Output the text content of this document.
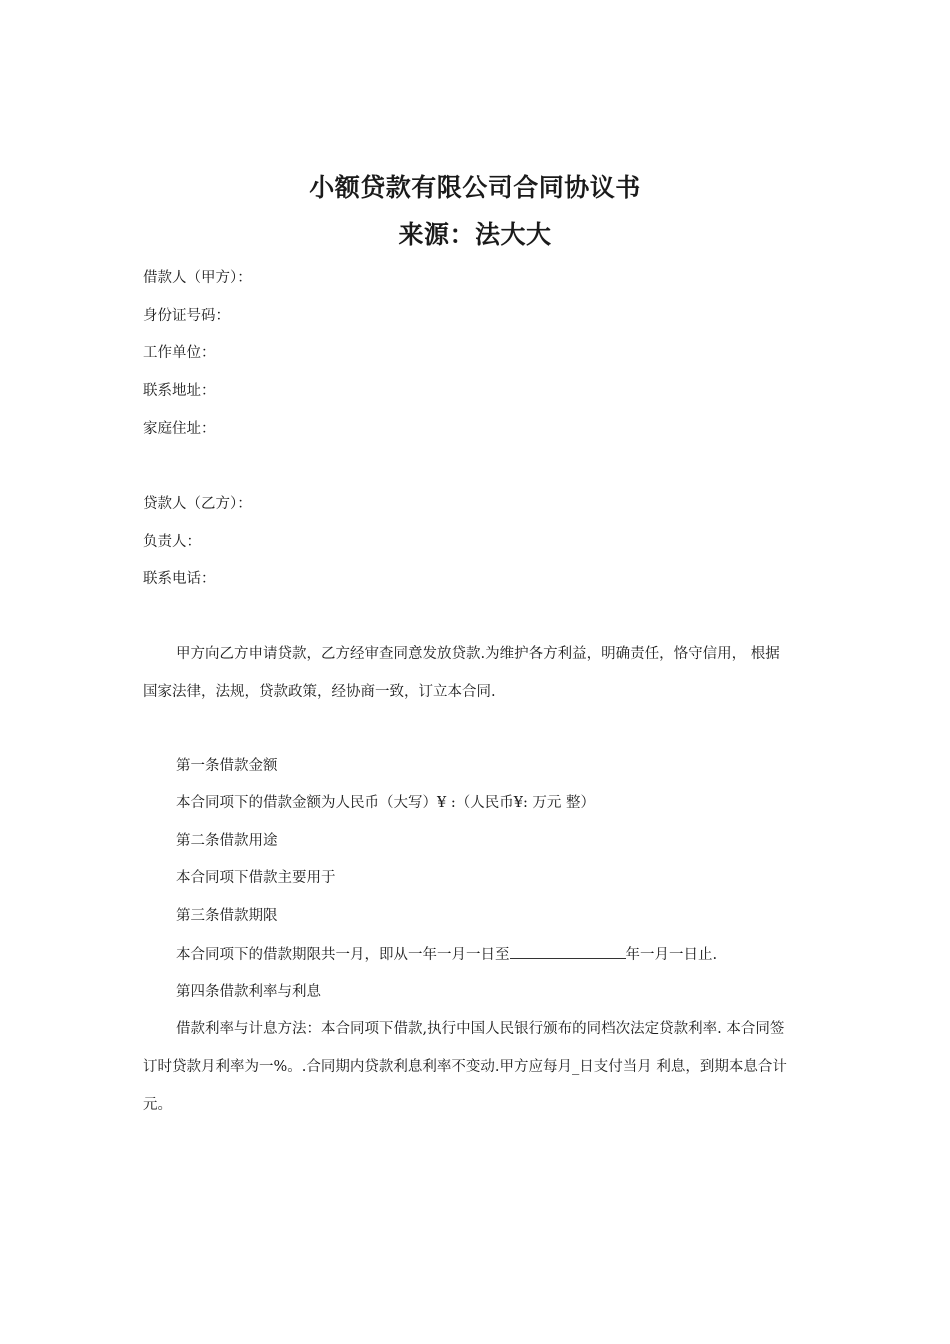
小额贷款有限公司合同协议书
来源：法大大
借款人（甲方）：
身份证号码：
工作单位：
联系地址：
家庭住址：
贷款人（乙方）：
负责人：
联系电话：
甲方向乙方申请贷款，乙方经审查同意发放贷款.为维护各方利益，明确责任，恪守信用， 根据
国家法律，法规，贷款政策，经协商一致，订立本合同.
第一条借款金额
本合同项下的借款金额为人民币（大写）¥ :（人民币¥: 万元 整）
第二条借款用途
本合同项下借款主要用于
第三条借款期限
本合同项下的借款期限共一月，即从一年一月一日至	年一月一日止.
第四条借款利率与利息
借款利率与计息方法：本合同项下借款,执行中国人民银行颁布的同档次法定贷款利率. 本合同签
订时贷款月利率为一%。.合同期内贷款利息利率不变动.甲方应每月_日支付当月 利息，到期本息合计
元。
